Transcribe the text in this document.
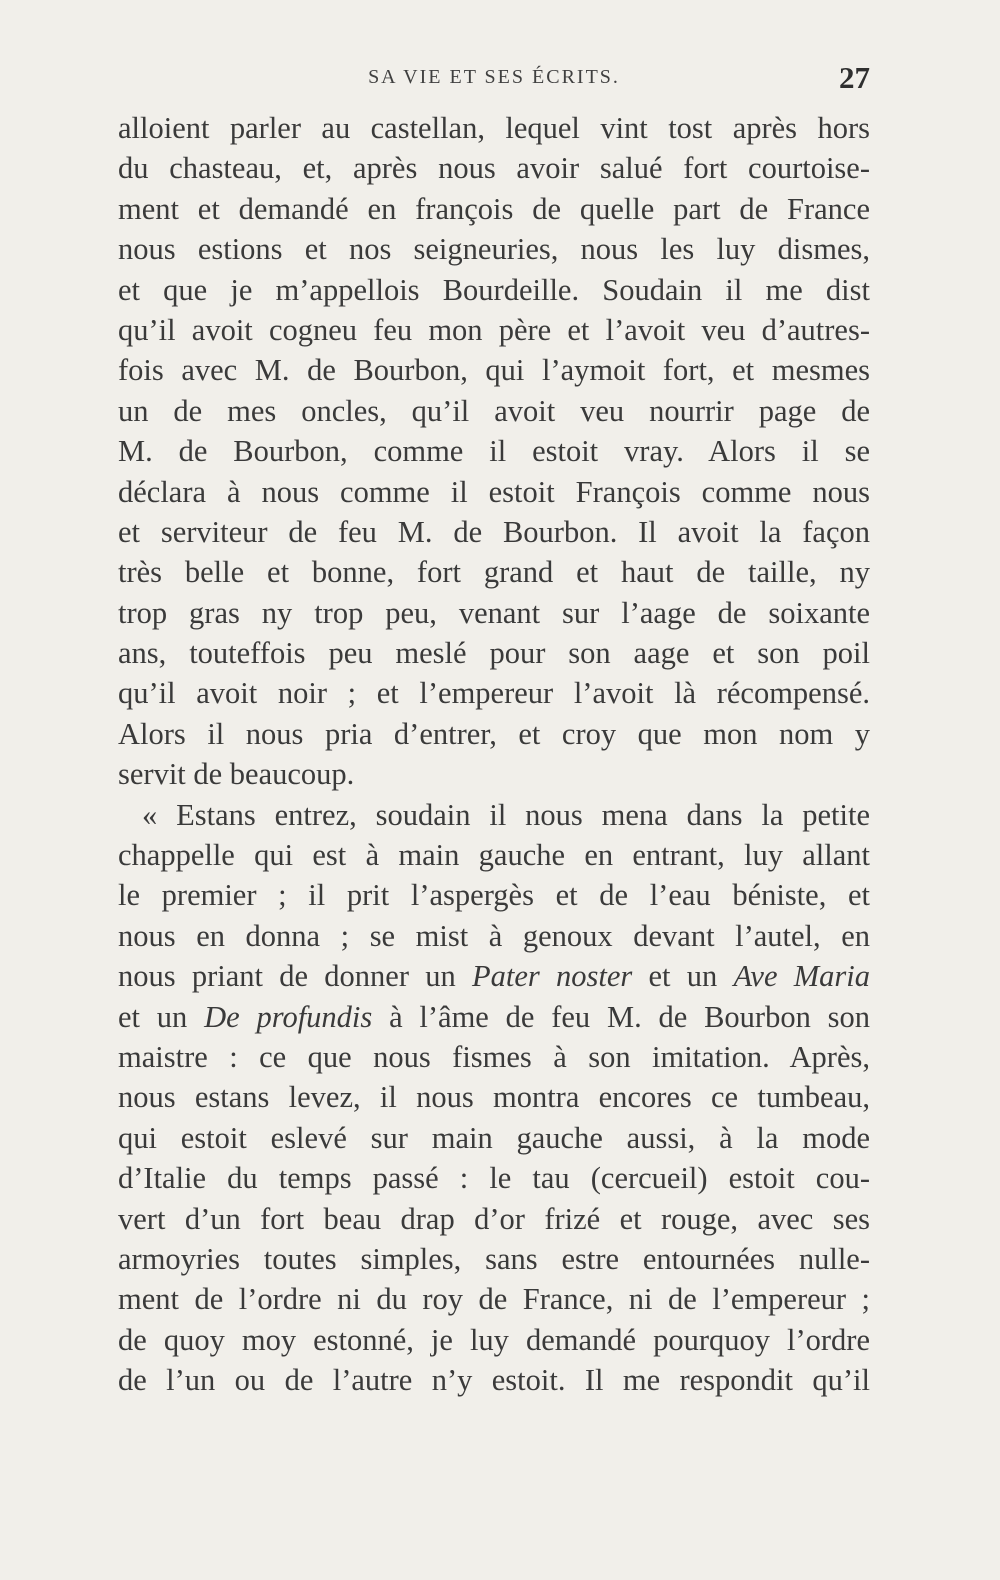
SA VIE ET SES ÉCRITS.	27
alloient parler au castellan, lequel vint tost après hors
du chasteau, et, après nous avoir salué fort courtoise-
ment et demandé en françois de quelle part de France
nous estions et nos seigneuries, nous les luy dismes,
et que je m’appellois Bourdeille. Soudain il me dist
qu’il avoit cogneu feu mon père et l’avoit veu d’autres-
fois avec M. de Bourbon, qui l’aymoit fort, et mesmes
un de mes oncles, qu’il avoit veu nourrir page de
M. de Bourbon, comme il estoit vray. Alors il se
déclara à nous comme il estoit François comme nous
et serviteur de feu M. de Bourbon. Il avoit la façon
très belle et bonne, fort grand et haut de taille, ny
trop gras ny trop peu, venant sur l’aage de soixante
ans, touteffois peu meslé pour son aage et son poil
qu’il avoit noir ; et l’empereur l’avoit là récompensé.
Alors il nous pria d’entrer, et croy que mon nom y
servit de beaucoup.
« Estans entrez, soudain il nous mena dans la petite
chappelle qui est à main gauche en entrant, luy allant
le premier ; il prit l’aspergès et de l’eau béniste, et
nous en donna ; se mist à genoux devant l’autel, en
nous priant de donner un Pater noster et un Ave Maria
et un De profundis à l’âme de feu M. de Bourbon son
maistre : ce que nous fismes à son imitation. Après,
nous estans levez, il nous montra encores ce tumbeau,
qui estoit eslevé sur main gauche aussi, à la mode
d’Italie du temps passé : le tau (cercueil) estoit cou-
vert d’un fort beau drap d’or frizé et rouge, avec ses
armoyries toutes simples, sans estre entournées nulle-
ment de l’ordre ni du roy de France, ni de l’empereur ;
de quoy moy estonné, je luy demandé pourquoy l’ordre
de l’un ou de l’autre n’y estoit. Il me respondit qu’il
